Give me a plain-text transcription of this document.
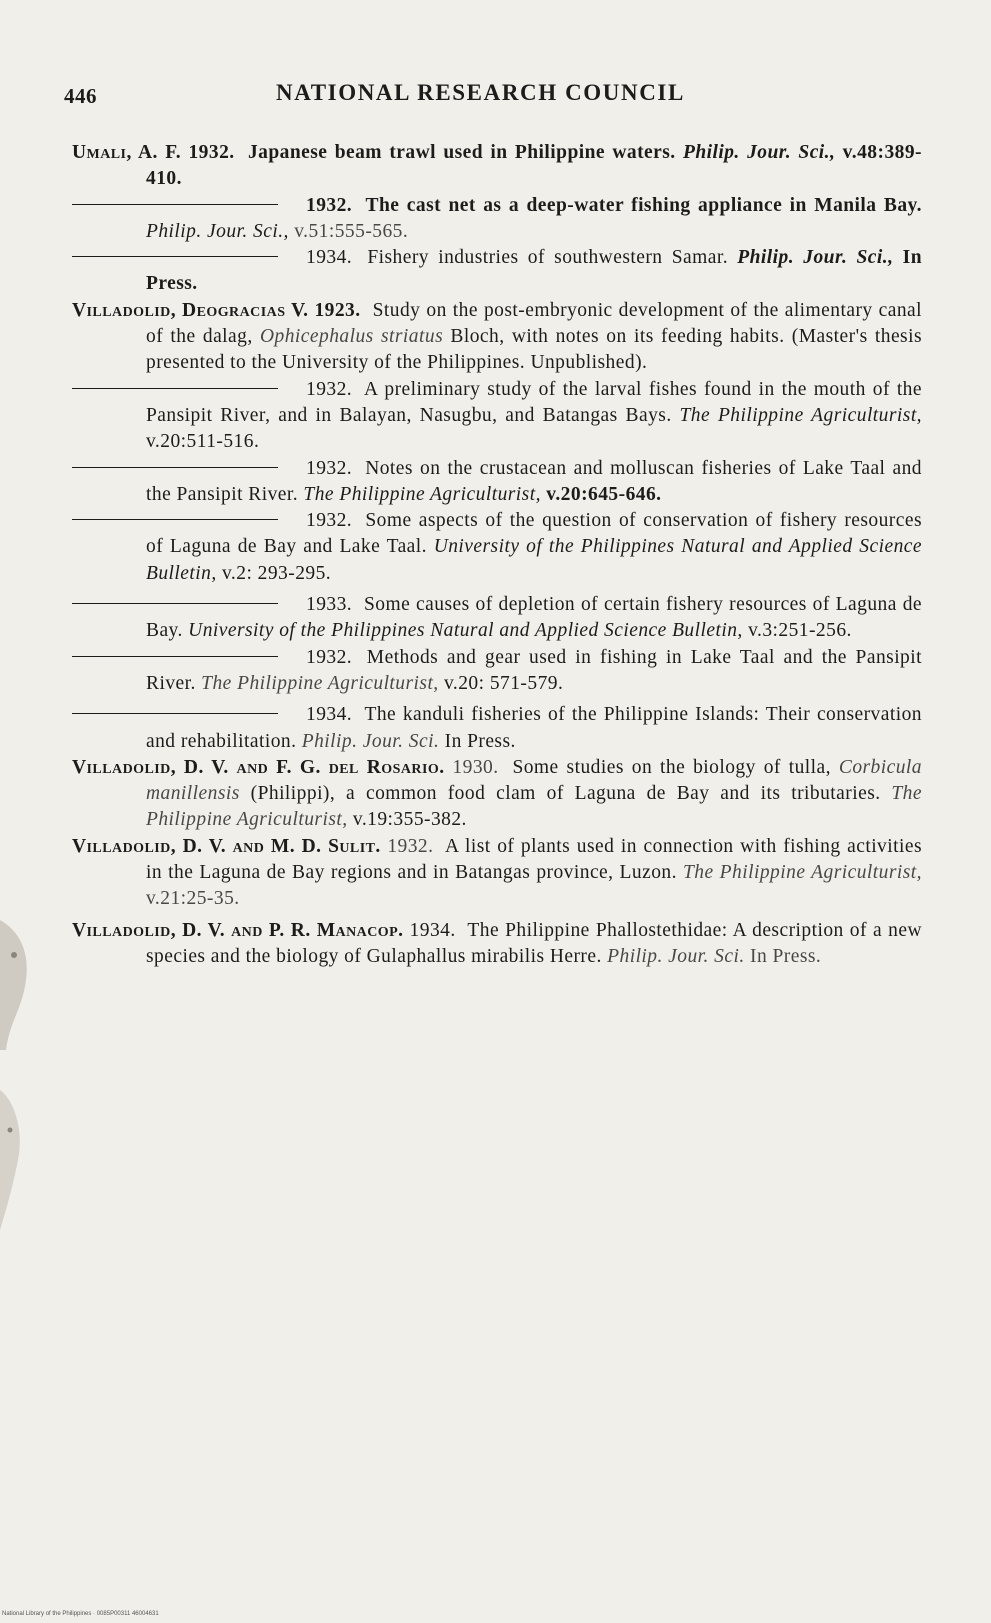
446	NATIONAL RESEARCH COUNCIL

Umali, A. F. 1932. Japanese beam trawl used in Philippine waters. Philip. Jour. Sci., v.48:389-410.

1932. The cast net as a deep-water fishing appliance in Manila Bay. Philip. Jour. Sci., v.51:555-565.

1934. Fishery industries of southwestern Samar. Philip. Jour. Sci., In Press.

Villadolid, Deogracias V. 1923. Study on the post-embryonic development of the alimentary canal of the dalag, Ophicephalus striatus Bloch, with notes on its feeding habits. (Master's thesis presented to the University of the Philippines. Unpublished).

1932. A preliminary study of the larval fishes found in the mouth of the Pansipit River, and in Balayan, Nasugbu, and Batangas Bays. The Philippine Agriculturist, v.20:511-516.

1932. Notes on the crustacean and molluscan fisheries of Lake Taal and the Pansipit River. The Philippine Agriculturist, v.20:645-646.

1932. Some aspects of the question of conservation of fishery resources of Laguna de Bay and Lake Taal. University of the Philippines Natural and Applied Science Bulletin, v.2: 293-295.

1933. Some causes of depletion of certain fishery resources of Laguna de Bay. University of the Philippines Natural and Applied Science Bulletin, v.3:251-256.

1932. Methods and gear used in fishing in Lake Taal and the Pansipit River. The Philippine Agriculturist, v.20: 571-579.

1934. The kanduli fisheries of the Philippine Islands: Their conservation and rehabilitation. Philip. Jour. Sci. In Press.

Villadolid, D. V. and F. G. del Rosario. 1930. Some studies on the biology of tulla, Corbicula manillensis (Philippi), a common food clam of Laguna de Bay and its tributaries. The Philippine Agriculturist, v.19:355-382.

Villadolid, D. V. and M. D. Sulit. 1932. A list of plants used in connection with fishing activities in the Laguna de Bay regions and in Batangas province, Luzon. The Philippine Agriculturist, v.21:25-35.

Villadolid, D. V. and P. R. Manacop. 1934. The Philippine Phallostethidae: A description of a new species and the biology of Gulaphallus mirabilis Herre. Philip. Jour. Sci. In Press.

National Library of the Philippines · 0085P00311 46004631
